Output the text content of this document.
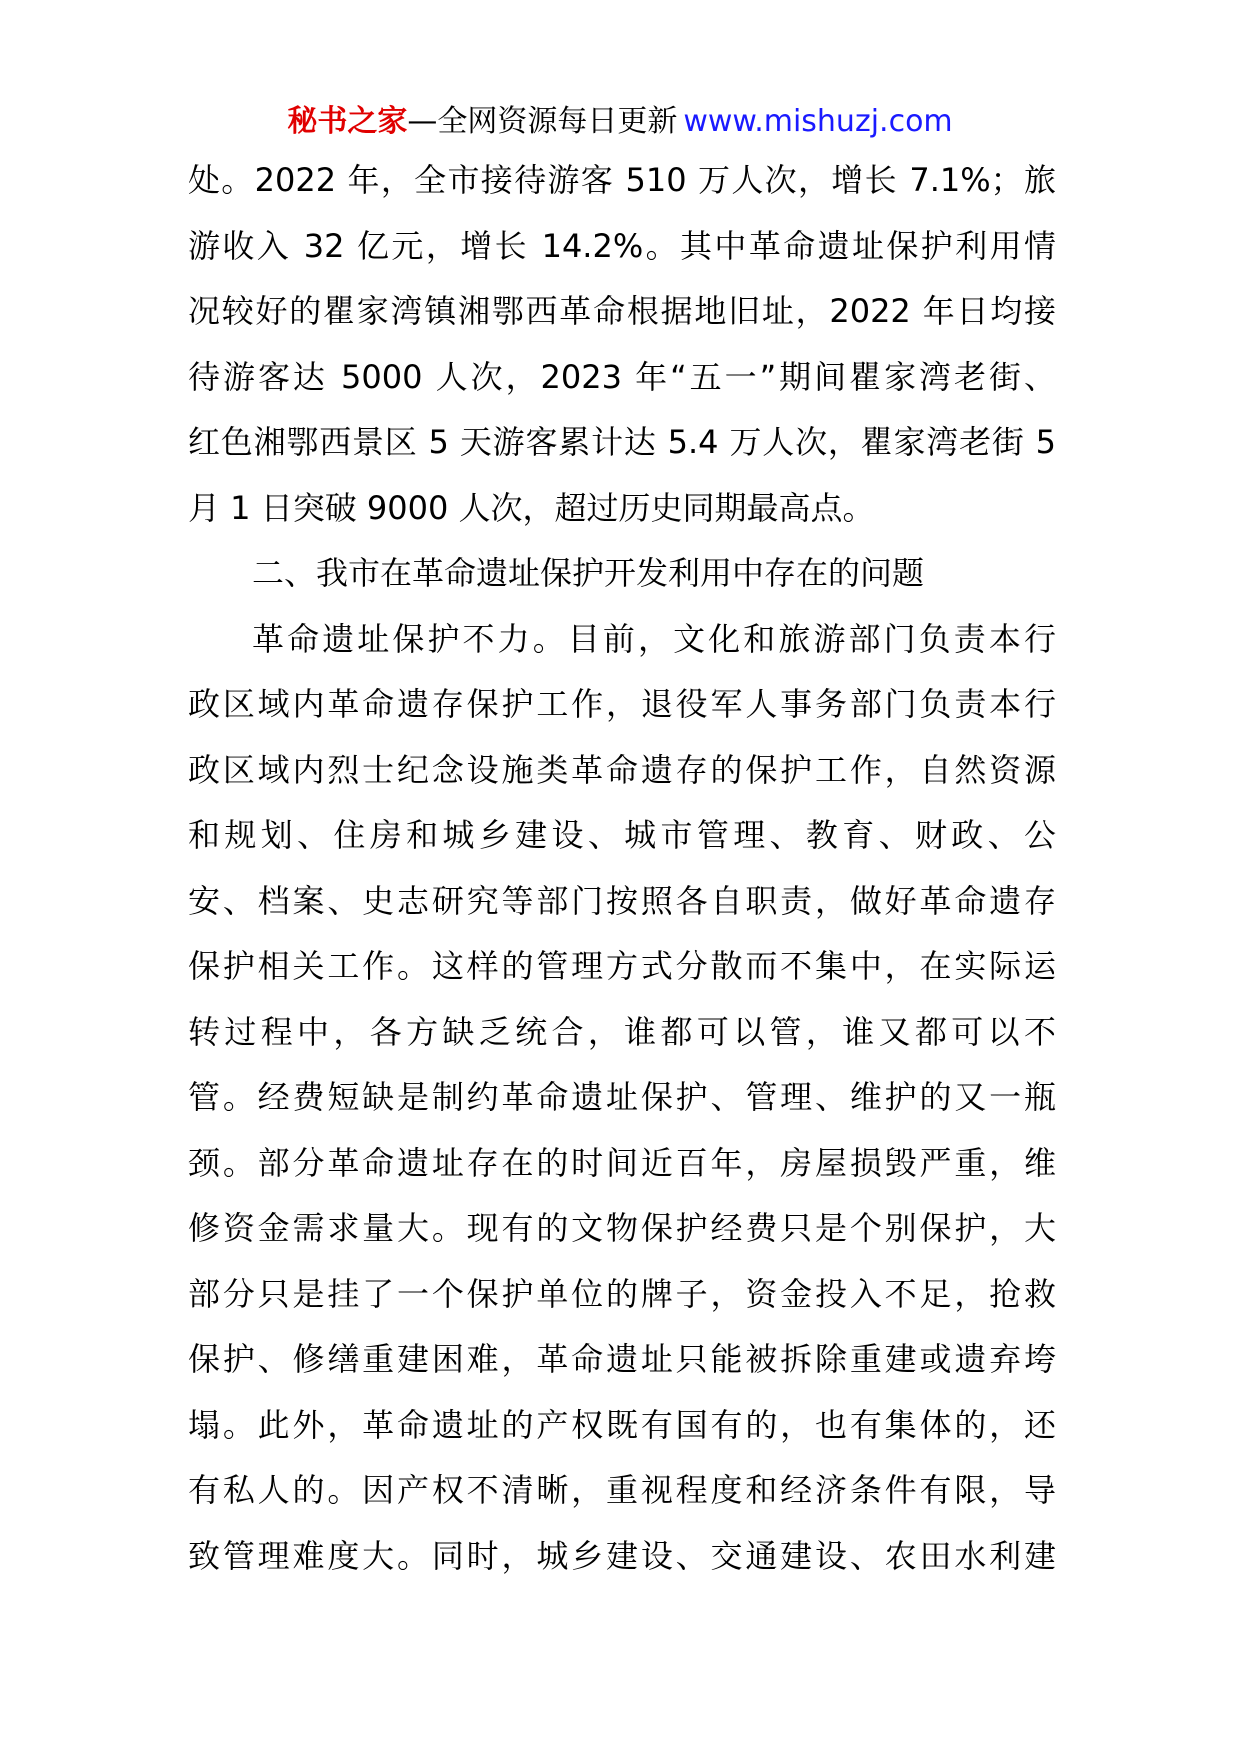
秘书之家—全网资源每日更新 www.mishuzj.com
处。2022 年，全市接待游客 510 万人次，增长 7.1%；旅
游收入 32 亿元，增长 14.2%。其中革命遗址保护利用情
况较好的瞿家湾镇湘鄂西革命根据地旧址，2022 年日均接
待游客达 5000 人次，2023 年“五一”期间瞿家湾老街、
红色湘鄂西景区 5 天游客累计达 5.4 万人次，瞿家湾老街 5
月 1 日突破 9000 人次，超过历史同期最高点。
二、我市在革命遗址保护开发利用中存在的问题
革命遗址保护不力。目前，文化和旅游部门负责本行
政区域内革命遗存保护工作，退役军人事务部门负责本行
政区域内烈士纪念设施类革命遗存的保护工作，自然资源
和规划、住房和城乡建设、城市管理、教育、财政、公
安、档案、史志研究等部门按照各自职责，做好革命遗存
保护相关工作。这样的管理方式分散而不集中，在实际运
转过程中，各方缺乏统合，谁都可以管，谁又都可以不
管。经费短缺是制约革命遗址保护、管理、维护的又一瓶
颈。部分革命遗址存在的时间近百年，房屋损毁严重，维
修资金需求量大。现有的文物保护经费只是个别保护，大
部分只是挂了一个保护单位的牌子，资金投入不足，抢救
保护、修缮重建困难，革命遗址只能被拆除重建或遗弃垮
塌。此外，革命遗址的产权既有国有的，也有集体的，还
有私人的。因产权不清晰，重视程度和经济条件有限，导
致管理难度大。同时，城乡建设、交通建设、农田水利建
